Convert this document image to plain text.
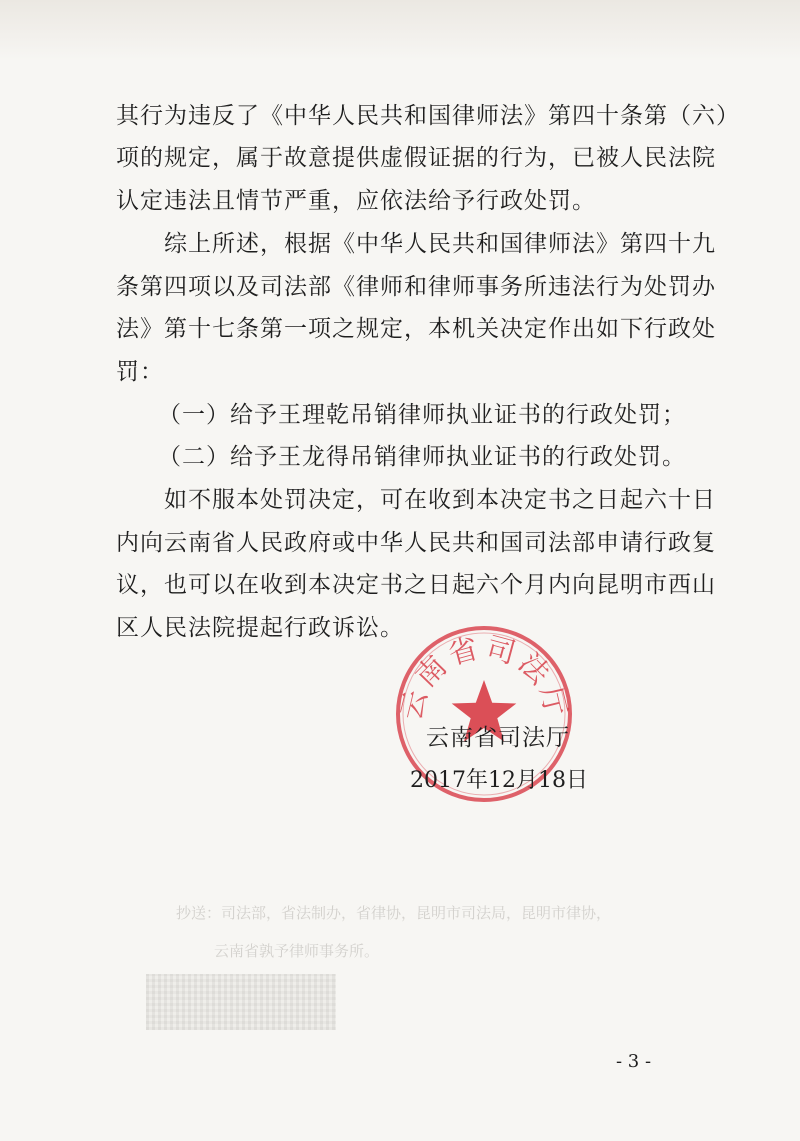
其行为违反了《中华人民共和国律师法》第四十条第（六）
项的规定，属于故意提供虚假证据的行为，已被人民法院
认定违法且情节严重，应依法给予行政处罚。
综上所述，根据《中华人民共和国律师法》第四十九
条第四项以及司法部《律师和律师事务所违法行为处罚办
法》第十七条第一项之规定，本机关决定作出如下行政处
罚：
（一）给予王理乾吊销律师执业证书的行政处罚；
（二）给予王龙得吊销律师执业证书的行政处罚。
如不服本处罚决定，可在收到本决定书之日起六十日
内向云南省人民政府或中华人民共和国司法部申请行政复
议，也可以在收到本决定书之日起六个月内向昆明市西山
区人民法院提起行政诉讼。
云南省司法厅
云南省司法厅
2017年12月18日
抄送：司法部，省法制办，省律协，昆明市司法局，昆明市律协，
云南省孰予律师事务所。
- 3 -
